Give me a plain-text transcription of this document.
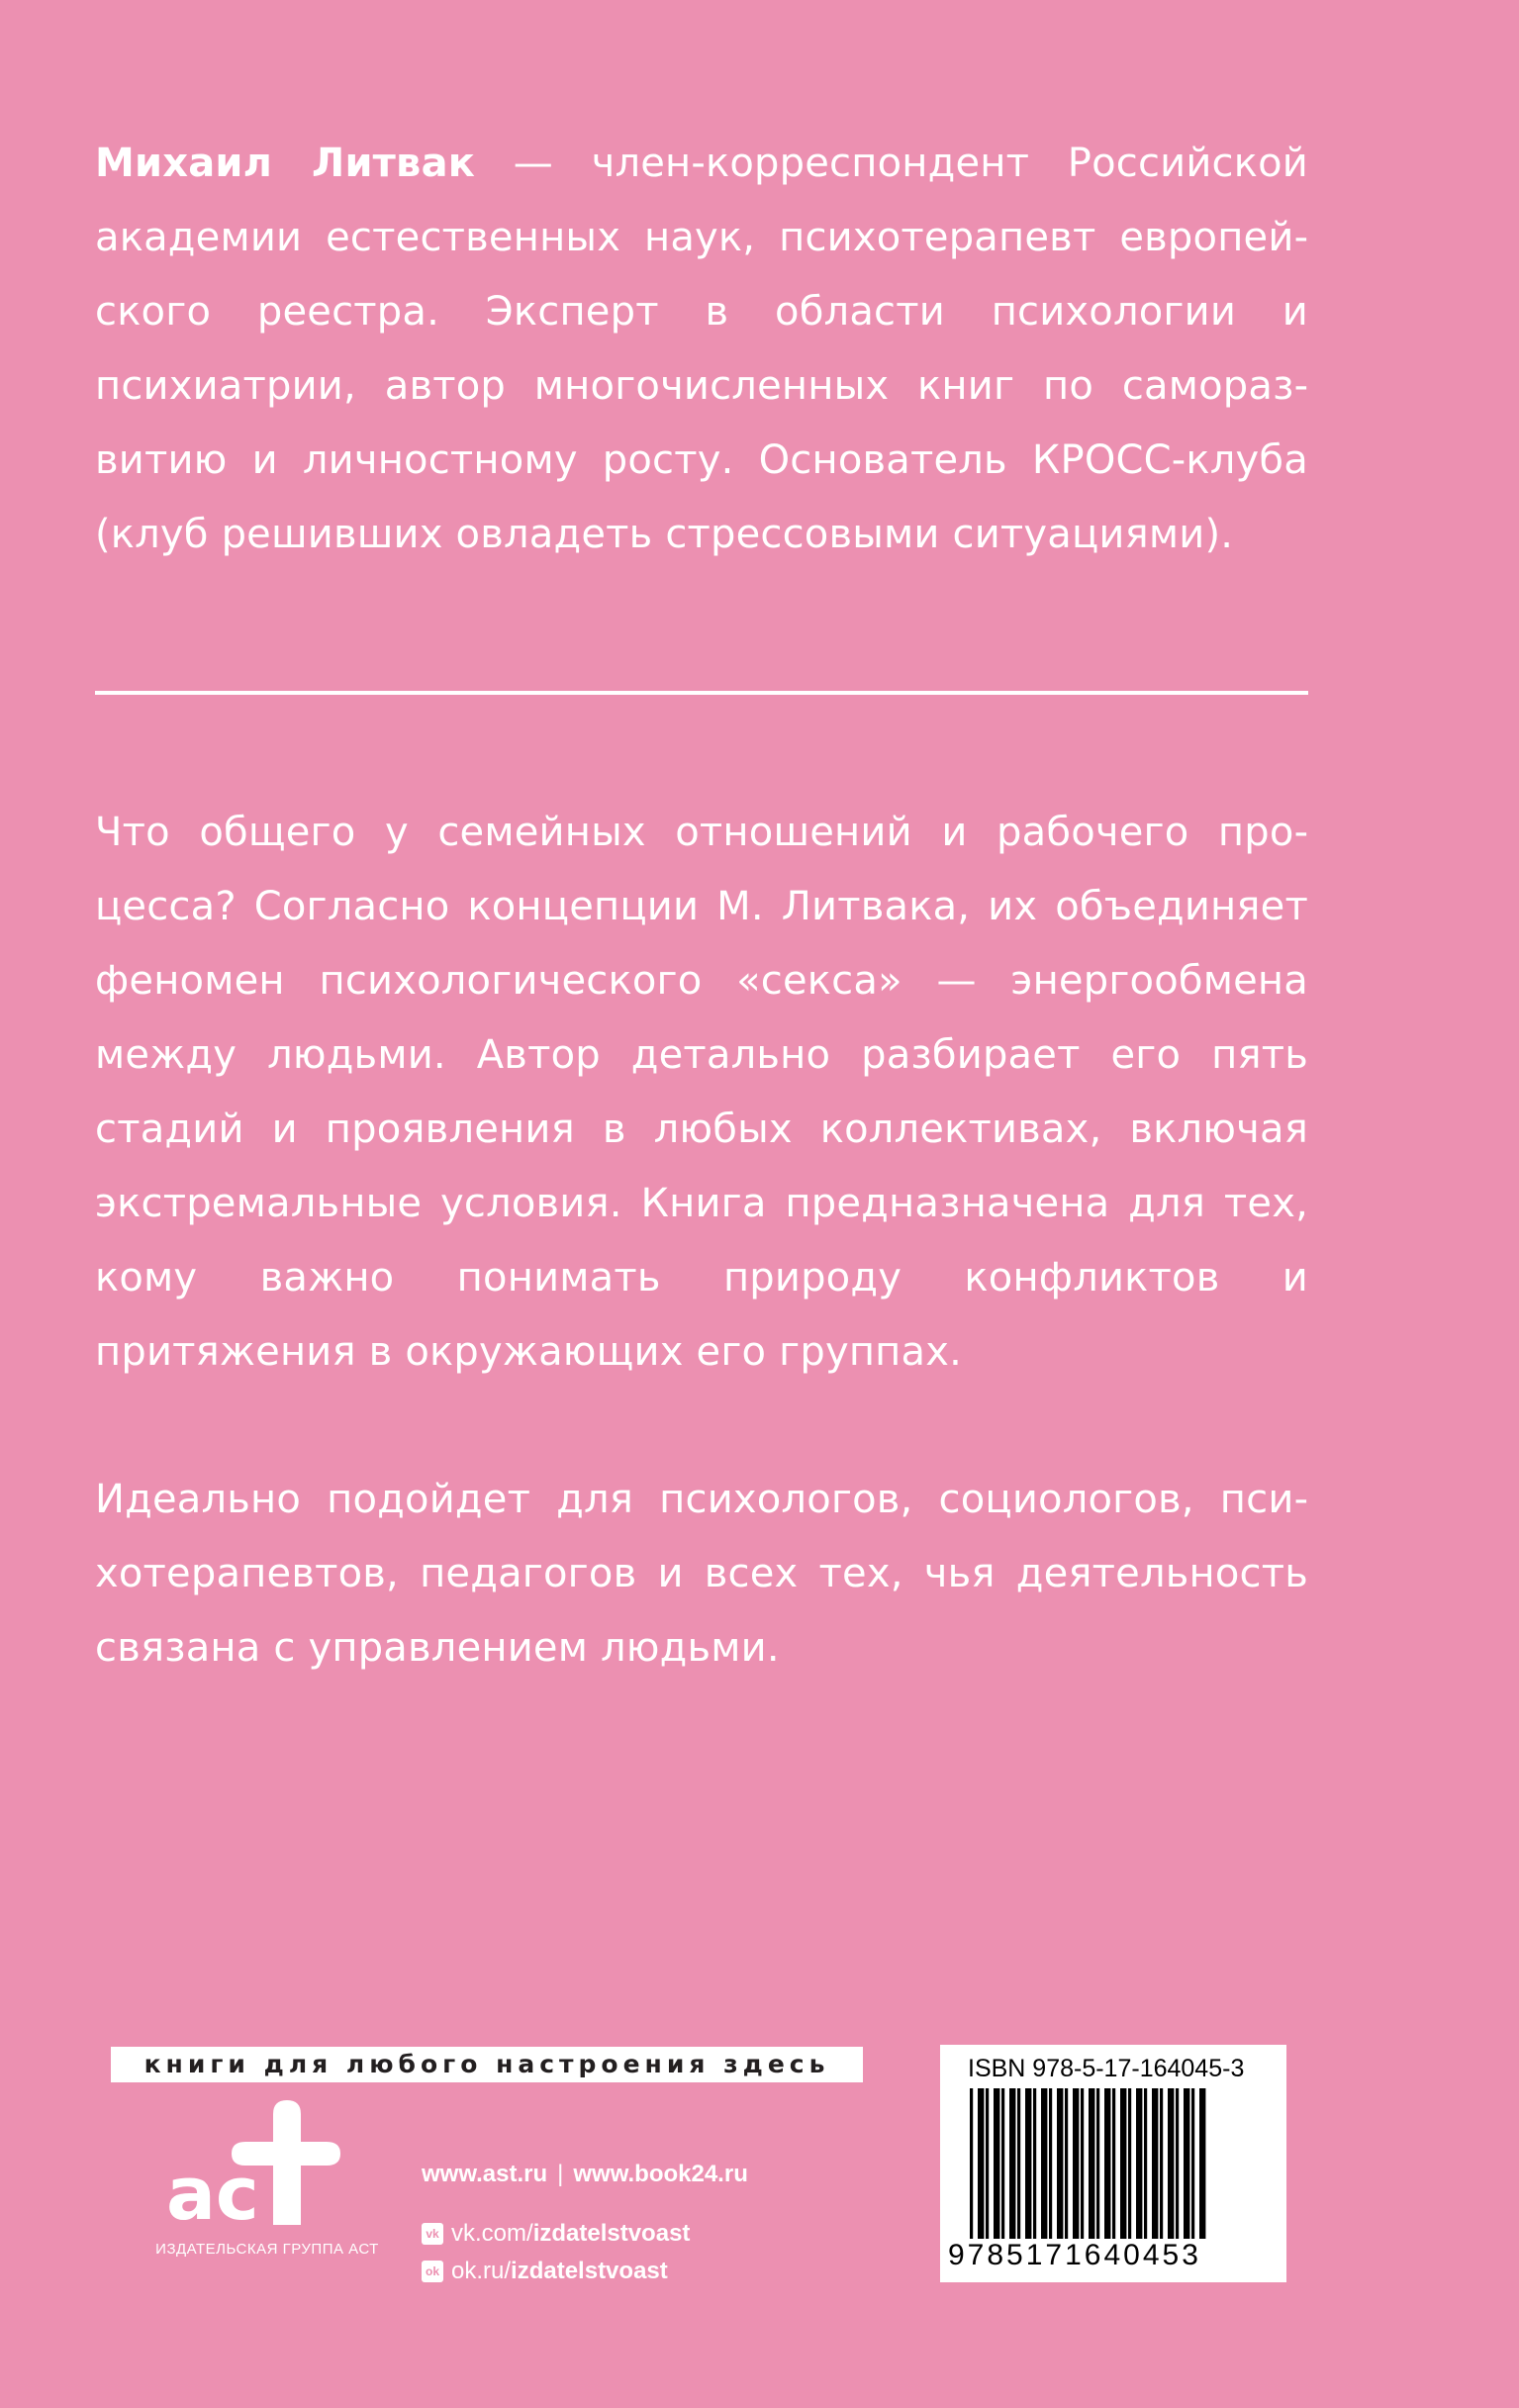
Михаил Литвак — член-корреспондент Российской академии естественных наук, психотерапевт европейского реестра. Эксперт в области психологии и психиатрии, автор многочисленных книг по саморазвитию и личностному росту. Основатель КРОСС-клуба (клуб решивших овладеть стрессовыми ситуациями).
Что общего у семейных отношений и рабочего процесса? Согласно концепции М. Литвака, их объединяет феномен психологического «секса» — энергообмена между людьми. Автор детально разбирает его пять стадий и проявления в любых коллективах, включая экстремальные условия. Книга предназначена для тех, кому важно понимать природу конфликтов и притяжения в окружающих его группах.
Идеально подойдет для психологов, социологов, психотерапевтов, педагогов и всех тех, чья деятельность связана с управлением людьми.
книги для любого настроения здесь
ас
ИЗДАТЕЛЬСКАЯ ГРУППА АСТ
www.ast.ru | www.book24.ru
vk vk.com/ izdatelstvoast
ok ok.ru/ izdatelstvoast
ISBN 978-5-17-164045-3
9785171640453
